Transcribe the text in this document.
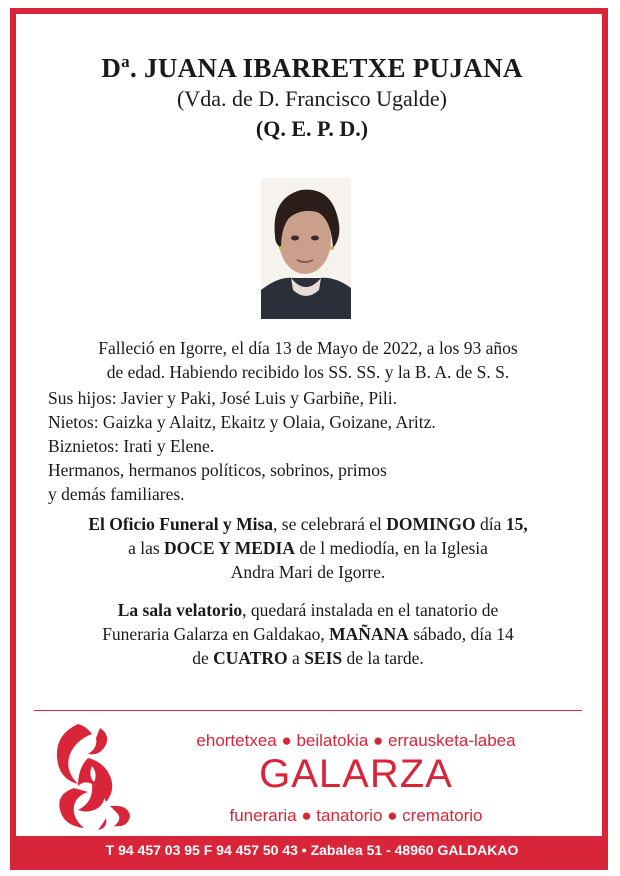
$D^a$. JUANA IBARRETXE PUJANA
(Vda. de D. Francisco Ugalde)
(Q. E. P. D.)
Falleció en Igorre, el día 13 de Mayo de 2022, a los 93 años
de edad. Habiendo recibido los SS. SS. y la B. A. de S. S.
Sus hijos: Javier y Paki, José Luis y Garbiñe, Pili.
Nietos: Gaizka y Alaitz, Ekaitz y Olaia, Goizane, Aritz.
Biznietos: Irati y Elene.
Hermanos, hermanos políticos, sobrinos, primos
y demás familiares.
El Oficio Funeral y Misa, se celebrará el DOMINGO día 15,
a las DOCE Y MEDIA de l mediodía, en la Iglesia
Andra Mari de Igorre.
La sala velatorio, quedará instalada en el tanatorio de
Funeraria Galarza en Galdakao, MAÑANA sábado, día 14
de CUATRO a SEIS de la tarde.
ehortetxea ● beilatokia ● errausketa-labea
GALARZA
funeraria ● tanatorio ● crematorio
T 94 457 03 95 F 94 457 50 43 • Zabalea 51 - 48960 GALDAKAO
